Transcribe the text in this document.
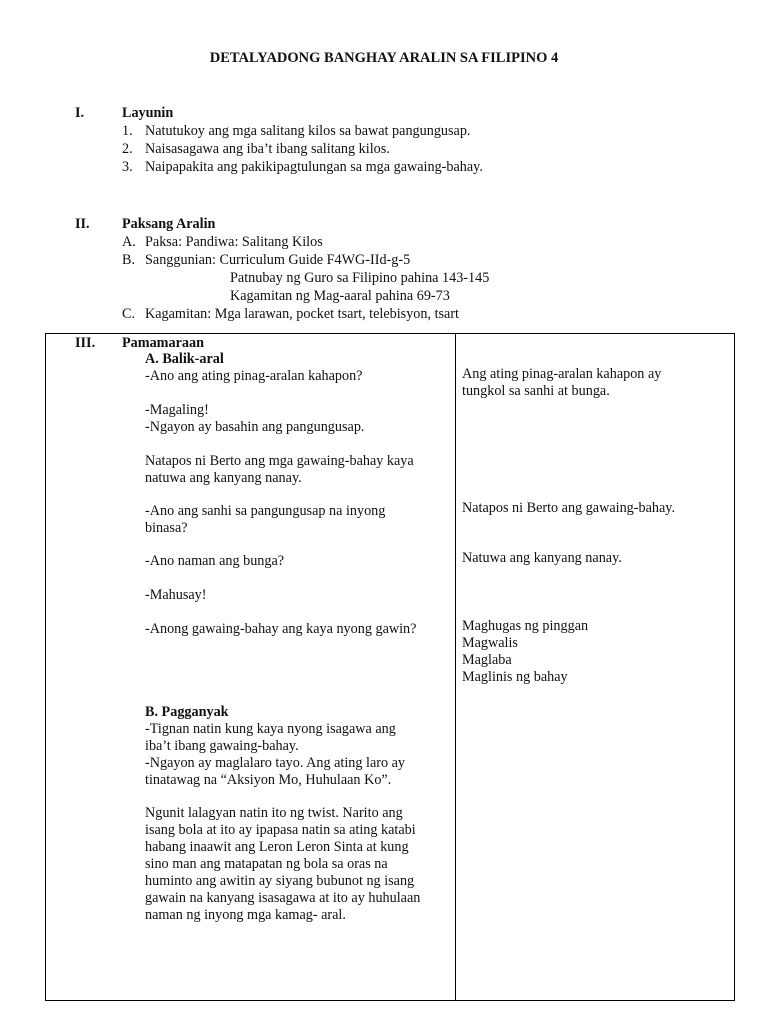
DETALYADONG BANGHAY ARALIN SA FILIPINO 4
I.	Layunin
1. Natutukoy ang mga salitang kilos sa bawat pangungusap.
2. Naisasagawa ang iba’t ibang salitang kilos.
3. Naipapakita ang pakikipagtulungan sa mga gawaing-bahay.
II. Paksang Aralin
A. Paksa: Pandiwa: Salitang Kilos
B. Sanggunian: Curriculum Guide F4WG-IId-g-5
Patnubay ng Guro sa Filipino pahina 143-145
Kagamitan ng Mag-aaral pahina 69-73
C. Kagamitan: Mga larawan, pocket tsart, telebisyon, tsart
III. Pamamaraan
A. Balik-aral
-Ano ang ating pinag-aralan kahapon?
-Magaling!
-Ngayon ay basahin ang pangungusap.
Natapos ni Berto ang mga gawaing-bahay kaya
natuwa ang kanyang nanay.
-Ano ang sanhi sa pangungusap na inyong
binasa?
-Ano naman ang bunga?
-Mahusay!
-Anong gawaing-bahay ang kaya nyong gawin?
B. Pagganyak
-Tignan natin kung kaya nyong isagawa ang
iba’t ibang gawaing-bahay.
-Ngayon ay maglalaro tayo. Ang ating laro ay
tinatawag na “Aksiyon Mo, Huhulaan Ko”.
Ngunit lalagyan natin ito ng twist. Narito ang
isang bola at ito ay ipapasa natin sa ating katabi
habang inaawit ang Leron Leron Sinta at kung
sino man ang matapatan ng bola sa oras na
huminto ang awitin ay siyang bubunot ng isang
gawain na kanyang isasagawa at ito ay huhulaan
naman ng inyong mga kamag- aral.
Ang ating pinag-aralan kahapon ay
tungkol sa sanhi at bunga.
Natapos ni Berto ang gawaing-bahay.
Natuwa ang kanyang nanay.
Maghugas ng pinggan
Magwalis
Maglaba
Maglinis ng bahay
